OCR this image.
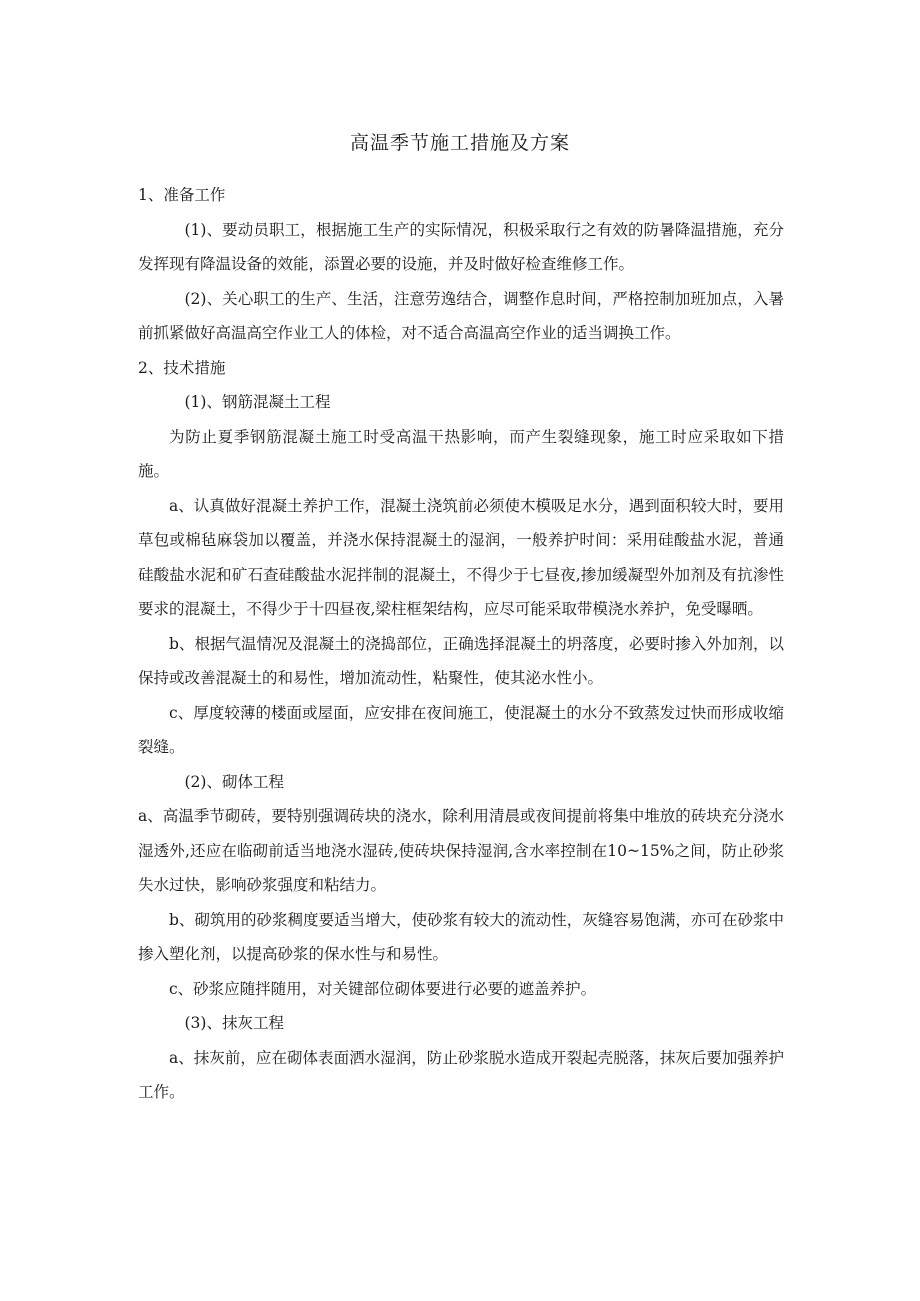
高温季节施工措施及方案

1、准备工作

(1)、要动员职工，根据施工生产的实际情况，积极采取行之有效的防暑降温措施，充分发挥现有降温设备的效能，添置必要的设施，并及时做好检查维修工作。

(2)、关心职工的生产、生活，注意劳逸结合，调整作息时间，严格控制加班加点，入暑前抓紧做好高温高空作业工人的体检，对不适合高温高空作业的适当调换工作。

2、技术措施

(1)、钢筋混凝土工程

为防止夏季钢筋混凝土施工时受高温干热影响，而产生裂缝现象，施工时应采取如下措施。

a、认真做好混凝土养护工作，混凝土浇筑前必须使木模吸足水分，遇到面积较大时，要用草包或棉毡麻袋加以覆盖，并浇水保持混凝土的湿润，一般养护时间：采用硅酸盐水泥，普通硅酸盐水泥和矿石查硅酸盐水泥拌制的混凝土，不得少于七昼夜,掺加缓凝型外加剂及有抗渗性要求的混凝土，不得少于十四昼夜,梁柱框架结构，应尽可能采取带模浇水养护，免受曝晒。

b、根据气温情况及混凝土的浇捣部位，正确选择混凝土的坍落度，必要时掺入外加剂，以保持或改善混凝土的和易性，增加流动性，粘聚性，使其泌水性小。

c、厚度较薄的楼面或屋面，应安排在夜间施工，使混凝土的水分不致蒸发过快而形成收缩裂缝。

(2)、砌体工程

a、高温季节砌砖，要特别强调砖块的浇水，除利用清晨或夜间提前将集中堆放的砖块充分浇水湿透外,还应在临砌前适当地浇水湿砖,使砖块保持湿润,含水率控制在10~15%之间，防止砂浆失水过快，影响砂浆强度和粘结力。

b、砌筑用的砂浆稠度要适当增大，使砂浆有较大的流动性，灰缝容易饱满，亦可在砂浆中掺入塑化剂，以提高砂浆的保水性与和易性。

c、砂浆应随拌随用，对关键部位砌体要进行必要的遮盖养护。

(3)、抹灰工程

a、抹灰前，应在砌体表面洒水湿润，防止砂浆脱水造成开裂起壳脱落，抹灰后要加强养护工作。
